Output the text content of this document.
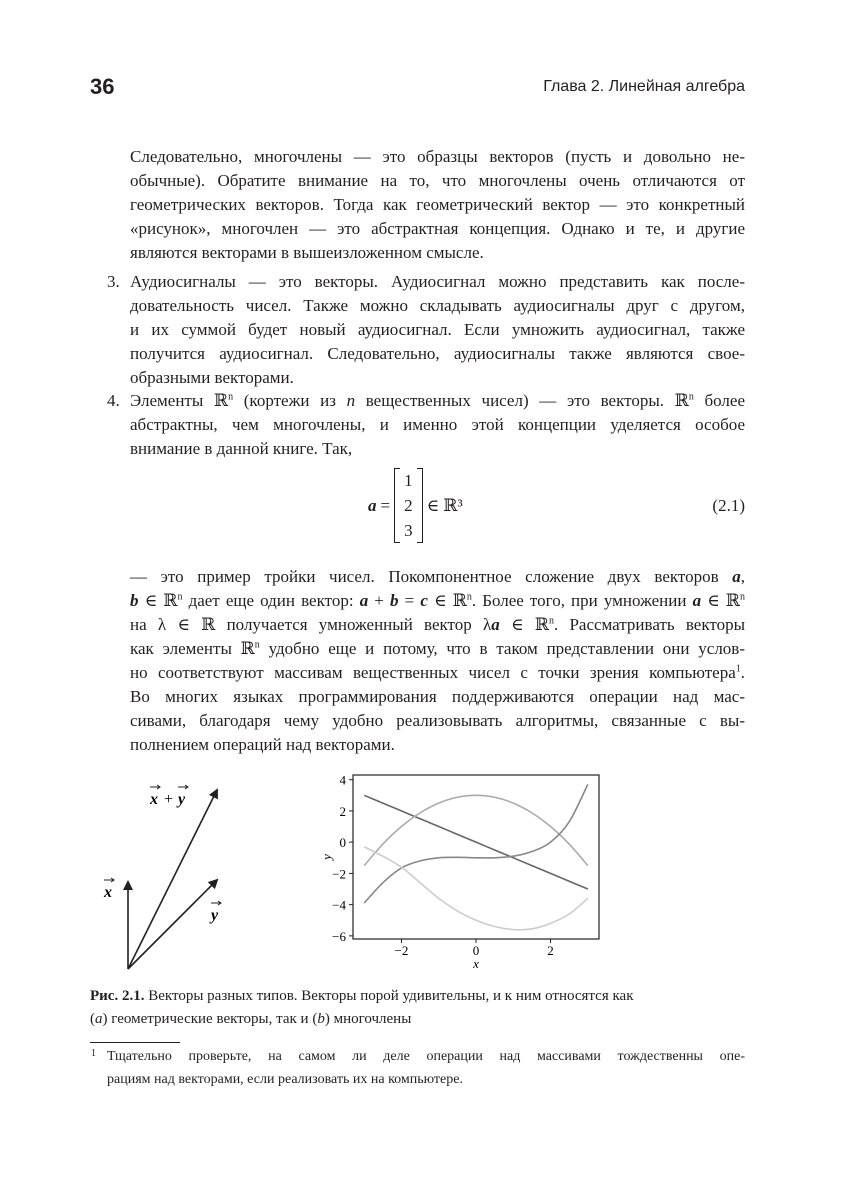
36	Глава 2. Линейная алгебра
Следовательно, многочлены — это образцы векторов (пусть и довольно не-
обычные). Обратите внимание на то, что многочлены очень отличаются от
геометрических векторов. Тогда как геометрический вектор — это конкретный
«рисунок», многочлен — это абстрактная концепция. Однако и те, и другие
являются векторами в вышеизложенном смысле.
3. Аудиосигналы — это векторы. Аудиосигнал можно представить как после-
довательность чисел. Также можно складывать аудиосигналы друг с другом,
и их суммой будет новый аудиосигнал. Если умножить аудиосигнал, также
получится аудиосигнал. Следовательно, аудиосигналы также являются свое-
образными векторами.
4. Элементы ℝ$^n$ (кортежи из n вещественных чисел) — это векторы. ℝ$^n$ более
абстрактны, чем многочлены, и именно этой концепции уделяется особое
внимание в данной книге. Так,
a =
1
2
3
∈ ℝ³	(2.1)
— это пример тройки чисел. Покомпонентное сложение двух векторов a,
b ∈ ℝ$^n$ дает еще один вектор: a + b = c ∈ ℝ$^n$. Более того, при умножении a ∈ ℝ$^n$
на λ ∈ ℝ получается умноженный вектор λa ∈ ℝ$^n$. Рассматривать векторы
как элементы ℝ$^n$ удобно еще и потому, что в таком представлении они услов-
но соответствуют массивам вещественных чисел с точки зрения компьютера$^1$.
Во многих языках программирования поддерживаются операции над мас-
сивами, благодаря чему удобно реализовывать алгоритмы, связанные с вы-
полнением операций над векторами.
x
y
x + y
4
2
0
−2
−4
−6
−2	0	2
x
y
Рис. 2.1. Векторы разных типов. Векторы порой удивительны, и к ним относятся как
(a) геометрические векторы, так и (b) многочлены
1 Тщательно проверьте, на самом ли деле операции над массивами тождественны опе-
рациям над векторами, если реализовать их на компьютере.
